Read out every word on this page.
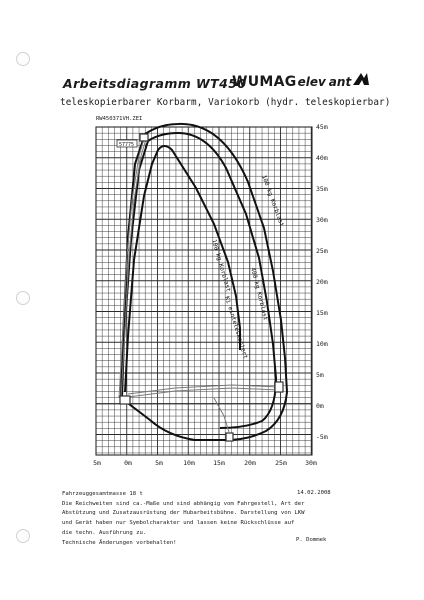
Arbeitsdiagramm WT450
WUMAG elev ant
teleskopierbarer Korbarm, Variokorb (hydr. teleskopierbar)
RW450371VH.ZEI
57775
100 kg Korblast
- Ki einteleskopiert 400 kg Korblast
100 kg Korblast
45m
40m
35m
30m
25m
20m
15m
10m
5m
0m
-5m
5m	0m	5m	10m	15m	20m	25m	30m
Fahrzeuggesamtmasse 18 t
Die Reichweiten sind ca.-Maße und sind abhängig vom Fahrgestell, Art der
Abstützung und Zusatzausrüstung der Hubarbeitsbühne. Darstellung von LKW
und Gerät haben nur Symbolcharakter und lassen keine Rückschlüsse auf
die techn. Ausführung zu.
Technische Änderungen vorbehalten!
14.02.2008
P. Dommek
